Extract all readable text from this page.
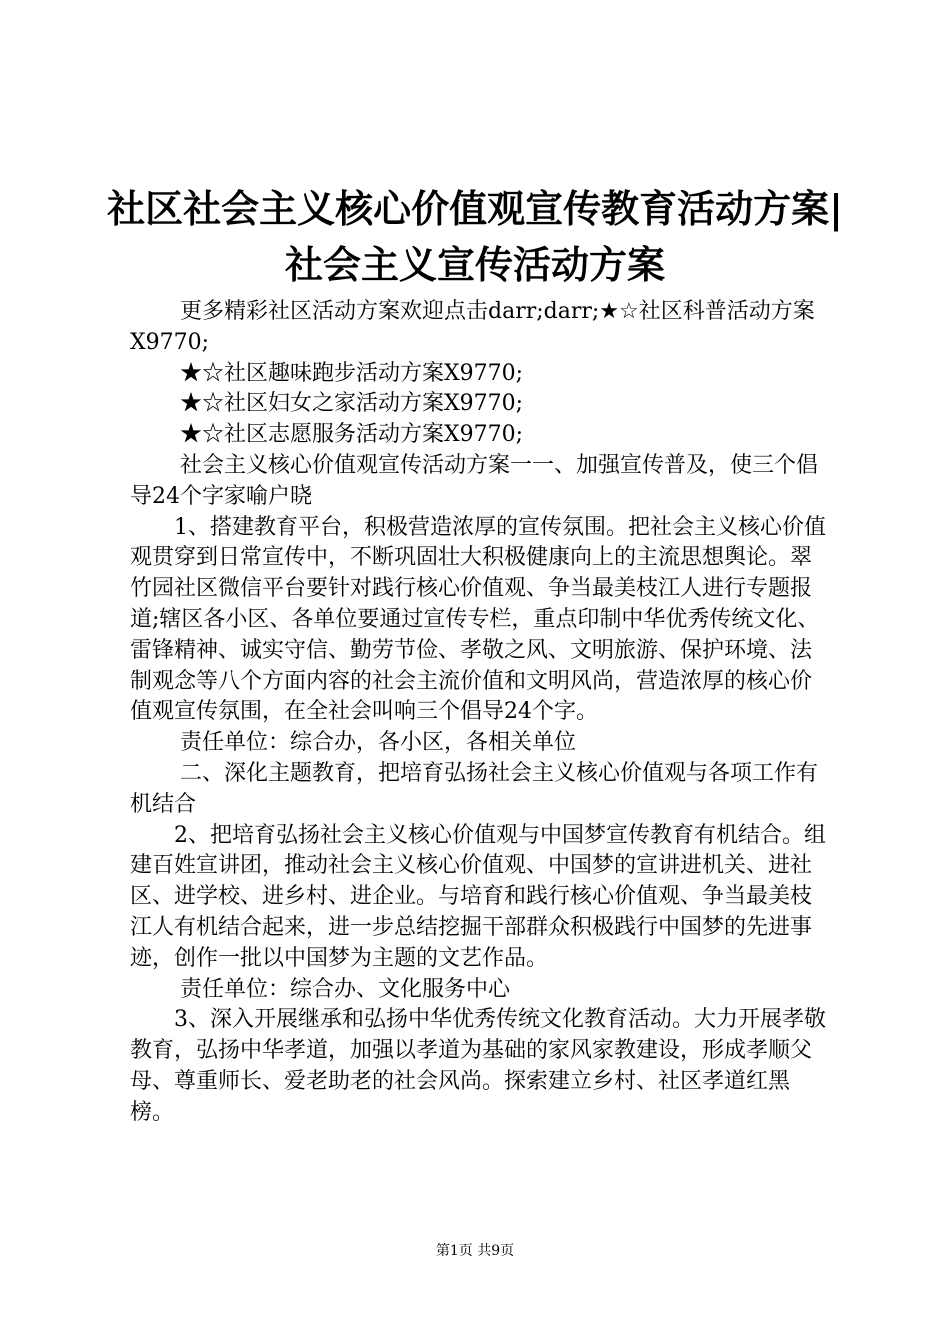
社区社会主义核心价值观宣传教育活动方案|
社会主义宣传活动方案

更多精彩社区活动方案欢迎点击darr;darr;★☆社区科普活动方案X9770;

★☆社区趣味跑步活动方案X9770;

★☆社区妇女之家活动方案X9770;

★☆社区志愿服务活动方案X9770;

社会主义核心价值观宣传活动方案一一、加强宣传普及，使三个倡导24个字家喻户晓

1、搭建教育平台，积极营造浓厚的宣传氛围。把社会主义核心价值观贯穿到日常宣传中，不断巩固壮大积极健康向上的主流思想舆论。翠竹园社区微信平台要针对践行核心价值观、争当最美枝江人进行专题报道;辖区各小区、各单位要通过宣传专栏，重点印制中华优秀传统文化、雷锋精神、诚实守信、勤劳节俭、孝敬之风、文明旅游、保护环境、法制观念等八个方面内容的社会主流价值和文明风尚，营造浓厚的核心价值观宣传氛围，在全社会叫响三个倡导24个字。

责任单位：综合办，各小区，各相关单位

二、深化主题教育，把培育弘扬社会主义核心价值观与各项工作有机结合

2、把培育弘扬社会主义核心价值观与中国梦宣传教育有机结合。组建百姓宣讲团，推动社会主义核心价值观、中国梦的宣讲进机关、进社区、进学校、进乡村、进企业。与培育和践行核心价值观、争当最美枝江人有机结合起来，进一步总结挖掘干部群众积极践行中国梦的先进事迹，创作一批以中国梦为主题的文艺作品。

责任单位：综合办、文化服务中心

3、深入开展继承和弘扬中华优秀传统文化教育活动。大力开展孝敬教育，弘扬中华孝道，加强以孝道为基础的家风家教建设，形成孝顺父母、尊重师长、爱老助老的社会风尚。探索建立乡村、社区孝道红黑榜。

第1页 共9页
